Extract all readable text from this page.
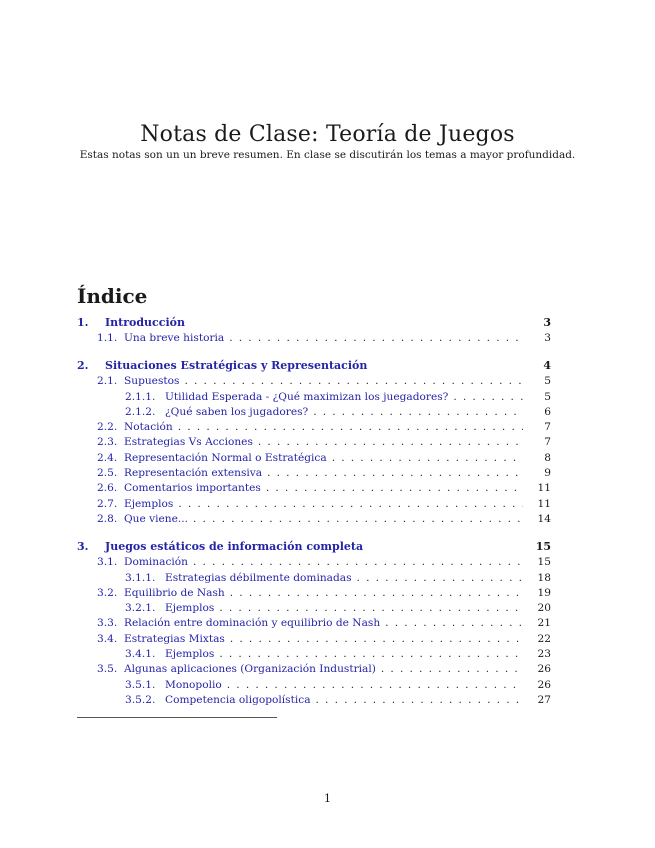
Notas de Clase: Teoría de Juegos
Estas notas son un un breve resumen. En clase se discutirán los temas a mayor profundidad.
Índice
1.	Introducción	3
1.1. Una breve historia . . .	3
2.	Situaciones Estratégicas y Representación	4
2.1. Supuestos . . .	5
2.1.1. Utilidad Esperada - ¿Qué maximizan los juegadores? . . .	5
2.1.2. ¿Qué saben los jugadores? . . .	6
2.2. Notación . . .	7
2.3. Estrategias Vs Acciones . . .	7
2.4. Representación Normal o Estratégica . . .	8
2.5. Representación extensiva . . .	9
2.6. Comentarios importantes . . .	11
2.7. Ejemplos . . .	11
2.8. Que viene... . . .	14
3.	Juegos estáticos de información completa	15
3.1. Dominación . . .	15
3.1.1. Estrategias débilmente dominadas . . .	18
3.2. Equilibrio de Nash . . .	19
3.2.1. Ejemplos . . .	20
3.3. Relación entre dominación y equilibrio de Nash . . .	21
3.4. Estrategias Mixtas . . .	22
3.4.1. Ejemplos . . .	23
3.5. Algunas aplicaciones (Organización Industrial) . . .	26
3.5.1. Monopolio . . .	26
3.5.2. Competencia oligopolística . . .	27
1
